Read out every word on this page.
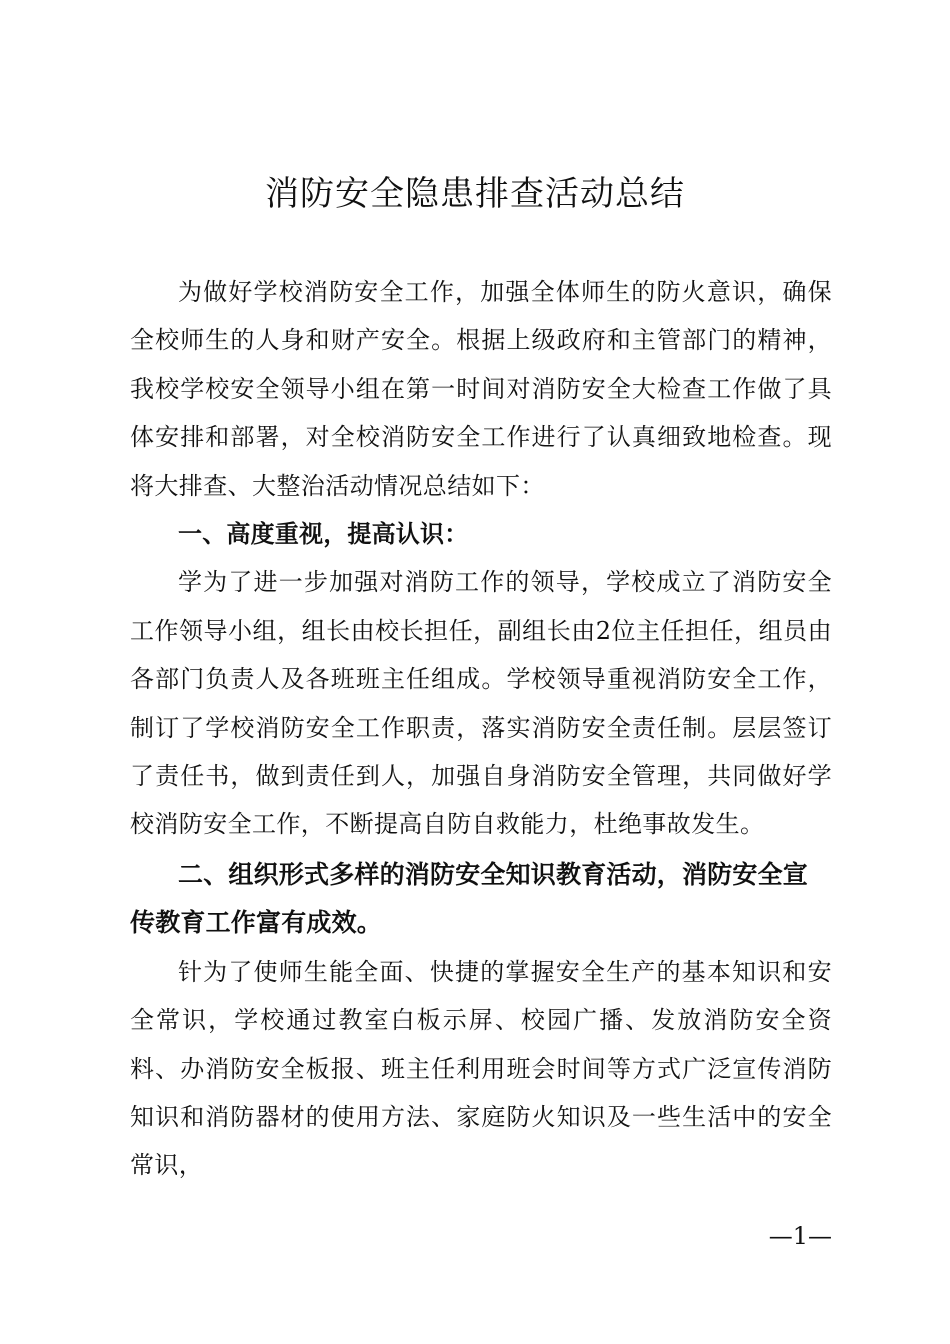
消防安全隐患排查活动总结

为做好学校消防安全工作，加强全体师生的防火意识，确保全校师生的人身和财产安全。根据上级政府和主管部门的精神，我校学校安全领导小组在第一时间对消防安全大检查工作做了具体安排和部署，对全校消防安全工作进行了认真细致地检查。现将大排查、大整治活动情况总结如下：

一、高度重视，提高认识：

学为了进一步加强对消防工作的领导，学校成立了消防安全工作领导小组，组长由校长担任，副组长由2位主任担任，组员由各部门负责人及各班班主任组成。学校领导重视消防安全工作，制订了学校消防安全工作职责，落实消防安全责任制。层层签订了责任书，做到责任到人，加强自身消防安全管理，共同做好学校消防安全工作，不断提高自防自救能力，杜绝事故发生。

二、组织形式多样的消防安全知识教育活动，消防安全宣传教育工作富有成效。

针为了使师生能全面、快捷的掌握安全生产的基本知识和安全常识，学校通过教室白板示屏、校园广播、发放消防安全资料、办消防安全板报、班主任利用班会时间等方式广泛宣传消防知识和消防器材的使用方法、家庭防火知识及一些生活中的安全常识，

—1—
